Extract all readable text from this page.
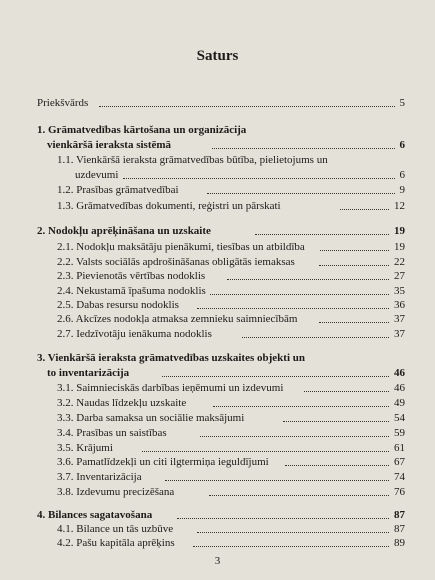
Saturs
Priekšvārds	5
1. Grāmatvedības kārtošana un organizācija
vienkāršā ieraksta sistēmā	6
1.1. Vienkāršā ieraksta grāmatvedības būtība, pielietojums un
uzdevumi	6
1.2. Prasības grāmatvedībai	9
1.3. Grāmatvedības dokumenti, reģistri un pārskati	12
2. Nodokļu aprēķināšana un uzskaite	19
2.1. Nodokļu maksātāju pienākumi, tiesības un atbildība	19
2.2. Valsts sociālās apdrošināšanas obligātās iemaksas	22
2.3. Pievienotās vērtības nodoklis	27
2.4. Nekustamā īpašuma nodoklis	35
2.5. Dabas resursu nodoklis	36
2.6. Akcīzes nodokļa atmaksa zemnieku saimniecībām	37
2.7. Iedzīvotāju ienākuma nodoklis	37
3. Vienkāršā ieraksta grāmatvedības uzskaites objekti un
to inventarizācija	46
3.1. Saimnieciskās darbības ieņēmumi un izdevumi	46
3.2. Naudas līdzekļu uzskaite	49
3.3. Darba samaksa un sociālie maksājumi	54
3.4. Prasības un saistības	59
3.5. Krājumi	61
3.6. Pamatlīdzekļi un citi ilgtermiņa ieguldījumi	67
3.7. Inventarizācija	74
3.8. Izdevumu precizēšana	76
4. Bilances sagatavošana	87
4.1. Bilance un tās uzbūve	87
4.2. Pašu kapitāla aprēķins	89
3
